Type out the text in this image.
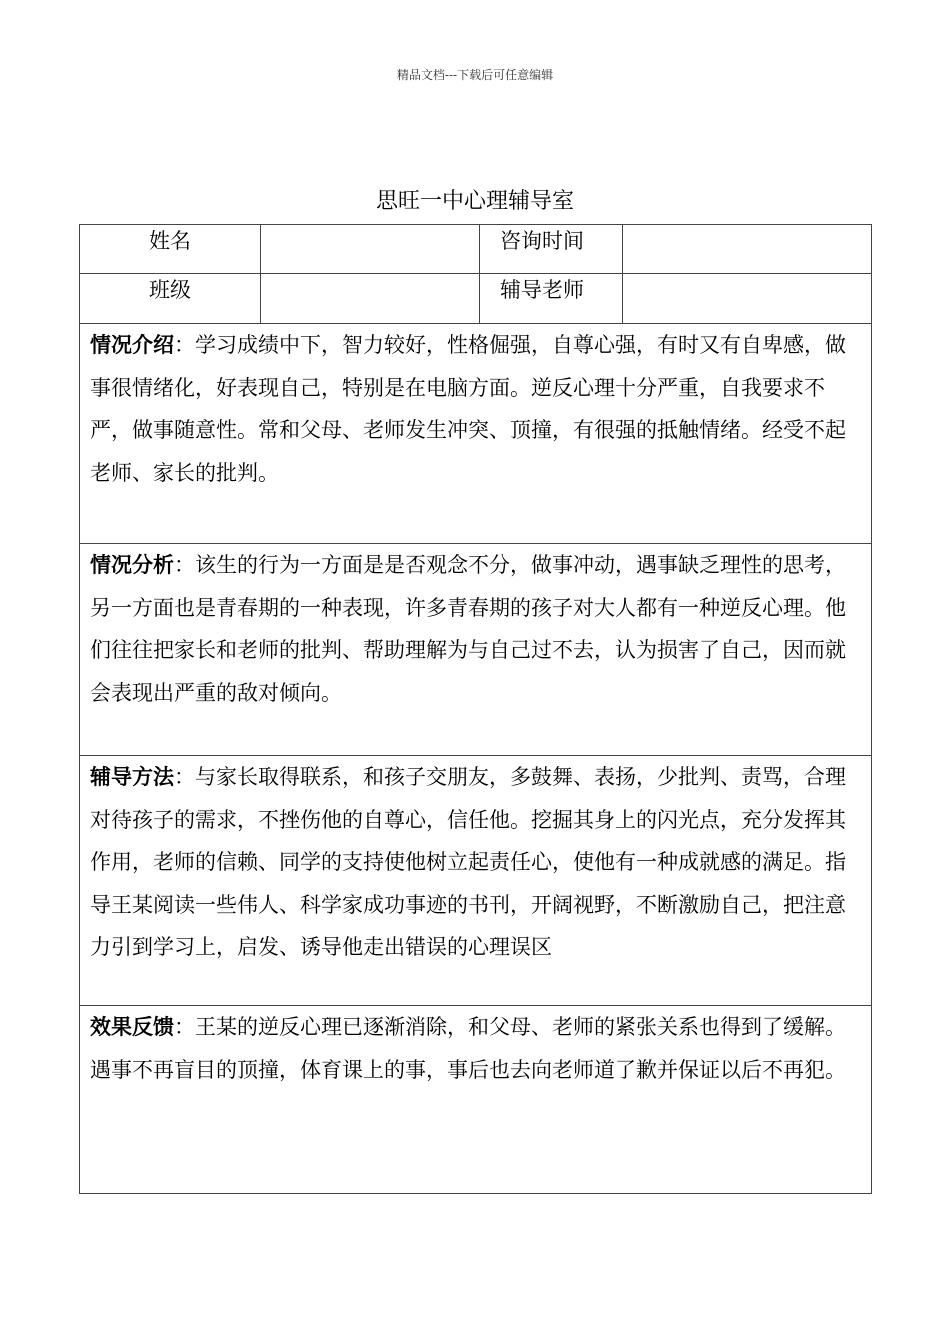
精品文档---下载后可任意编辑
思旺一中心理辅导室
姓名		咨询时间	

班级		辅导老师	

情况介绍：学习成绩中下，智力较好，性格倔强，自尊心强，有时又有自卑感，做事很情绪化，好表现自己，特别是在电脑方面。逆反心理十分严重，自我要求不严，做事随意性。常和父母、老师发生冲突、顶撞，有很强的抵触情绪。经受不起老师、家长的批判。			
情况分析：该生的行为一方面是是否观念不分，做事冲动，遇事缺乏理性的思考，另一方面也是青春期的一种表现，许多青春期的孩子对大人都有一种逆反心理。他们往往把家长和老师的批判、帮助理解为与自己过不去，认为损害了自己，因而就会表现出严重的敌对倾向。			
辅导方法：与家长取得联系，和孩子交朋友，多鼓舞、表扬，少批判、责骂，合理对待孩子的需求，不挫伤他的自尊心，信任他。挖掘其身上的闪光点，充分发挥其作用，老师的信赖、同学的支持使他树立起责任心，使他有一种成就感的满足。指导王某阅读一些伟人、科学家成功事迹的书刊，开阔视野，不断激励自己，把注意力引到学习上，启发、诱导他走出错误的心理误区			
效果反馈：王某的逆反心理已逐渐消除，和父母、老师的紧张关系也得到了缓解。遇事不再盲目的顶撞，体育课上的事，事后也去向老师道了歉并保证以后不再犯。			
